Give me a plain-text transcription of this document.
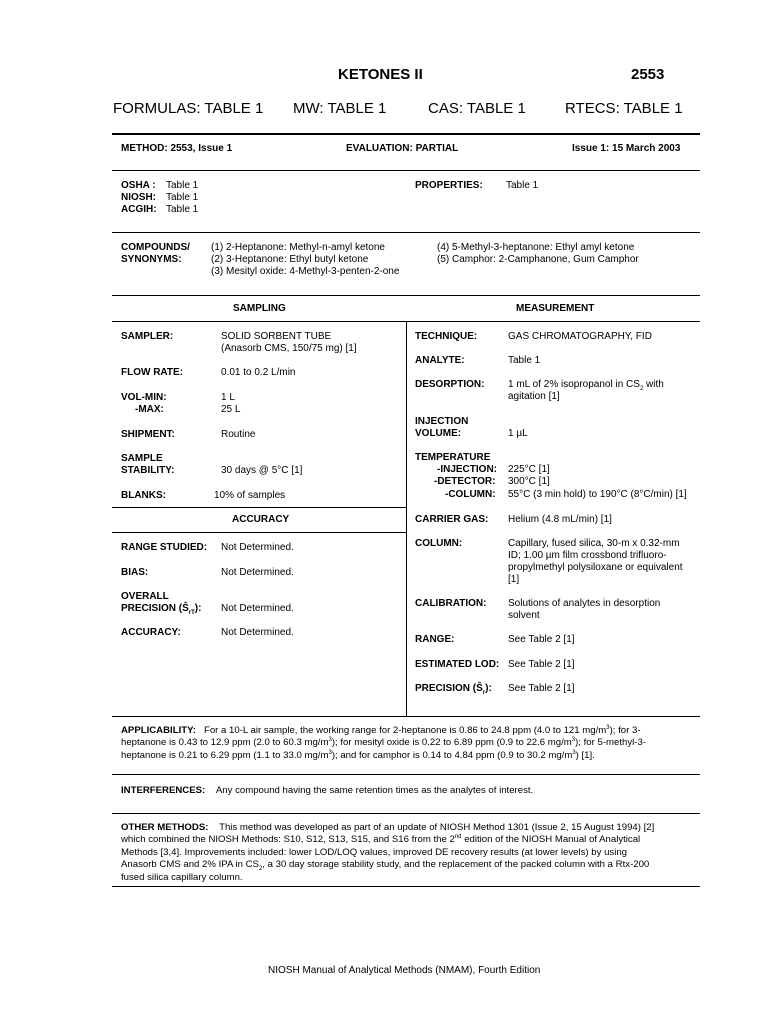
KETONES II	2553
FORMULAS: TABLE 1 MW: TABLE 1	CAS: TABLE 1	RTECS: TABLE 1
METHOD: 2553, Issue 1	EVALUATION: PARTIAL	Issue 1: 15 March 2003
OSHA : Table 1
NIOSH: Table 1
ACGIH: Table 1
PROPERTIES: Table 1
COMPOUNDS/
SYNONYMS:
(1) 2-Heptanone: Methyl-n-amyl ketone
(2) 3-Heptanone: Ethyl butyl ketone
(3) Mesityl oxide: 4-Methyl-3-penten-2-one
(4) 5-Methyl-3-heptanone: Ethyl amyl ketone
(5) Camphor: 2-Camphanone, Gum Camphor
SAMPLING	MEASUREMENT
SAMPLER:	SOLID SORBENT TUBE
(Anasorb CMS, 150/75 mg) [1]
FLOW RATE:	0.01 to 0.2 L/min
VOL-MIN:	1 L
-MAX:	25 L
SHIPMENT:	Routine
SAMPLE
STABILITY:	30 days @ 5°C [1]
BLANKS:	10% of samples
ACCURACY
RANGE STUDIED: Not Determined.
BIAS:	Not Determined.
OVERALL
PRECISION $(Ŝ_{rT})$: Not Determined.
ACCURACY:	Not Determined.
TECHNIQUE:	GAS CHROMATOGRAPHY, FID
ANALYTE:	Table 1
DESORPTION: 1 mL of 2% isopropanol in $CS_2$ with
agitation [1]
INJECTION
VOLUME:	1 µL
TEMPERATURE
-INJECTION: 225°C [1]
-DETECTOR: 300°C [1]
-COLUMN: 55°C (3 min hold) to 190°C (8°C/min) [1]
CARRIER GAS: Helium (4.8 mL/min) [1]
COLUMN:	Capillary, fused silica, 30-m x 0.32-mm
ID; 1.00 µm film crossbond trifluoro-
propylmethyl polysiloxane or equivalent
[1]
CALIBRATION: Solutions of analytes in desorption
solvent
RANGE:	See Table 2 [1]
ESTIMATED LOD: See Table 2 [1]
PRECISION $(Ŝ_r)$: See Table 2 [1]
APPLICABILITY: For a 10-L air sample, the working range for 2-heptanone is 0.86 to 24.8 ppm (4.0 to 121 $mg/m^3$); for 3-
heptanone is 0.43 to 12.9 ppm (2.0 to 60.3 $mg/m^3$); for mesityl oxide is 0.22 to 6.89 ppm (0.9 to 22.6 $mg/m^3$); for 5-methyl-3-
heptanone is 0.21 to 6.29 ppm (1.1 to 33.0 $mg/m^3$); and for camphor is 0.14 to 4.84 ppm (0.9 to 30.2 $mg/m^3$) [1].
INTERFERENCES: Any compound having the same retention times as the analytes of interest.
OTHER METHODS: This method was developed as part of an update of NIOSH Method 1301 (Issue 2, 15 August 1994) [2]
which combined the NIOSH Methods: S10, S12, S13, S15, and S16 from the 2nd edition of the NIOSH Manual of Analytical
Methods [3,4]. Improvements included: lower LOD/LOQ values, improved DE recovery results (at lower levels) by using
Anasorb CMS and 2% IPA in $CS_2$, a 30 day storage stability study, and the replacement of the packed column with a Rtx-200
fused silica capillary column.
NIOSH Manual of Analytical Methods (NMAM), Fourth Edition
